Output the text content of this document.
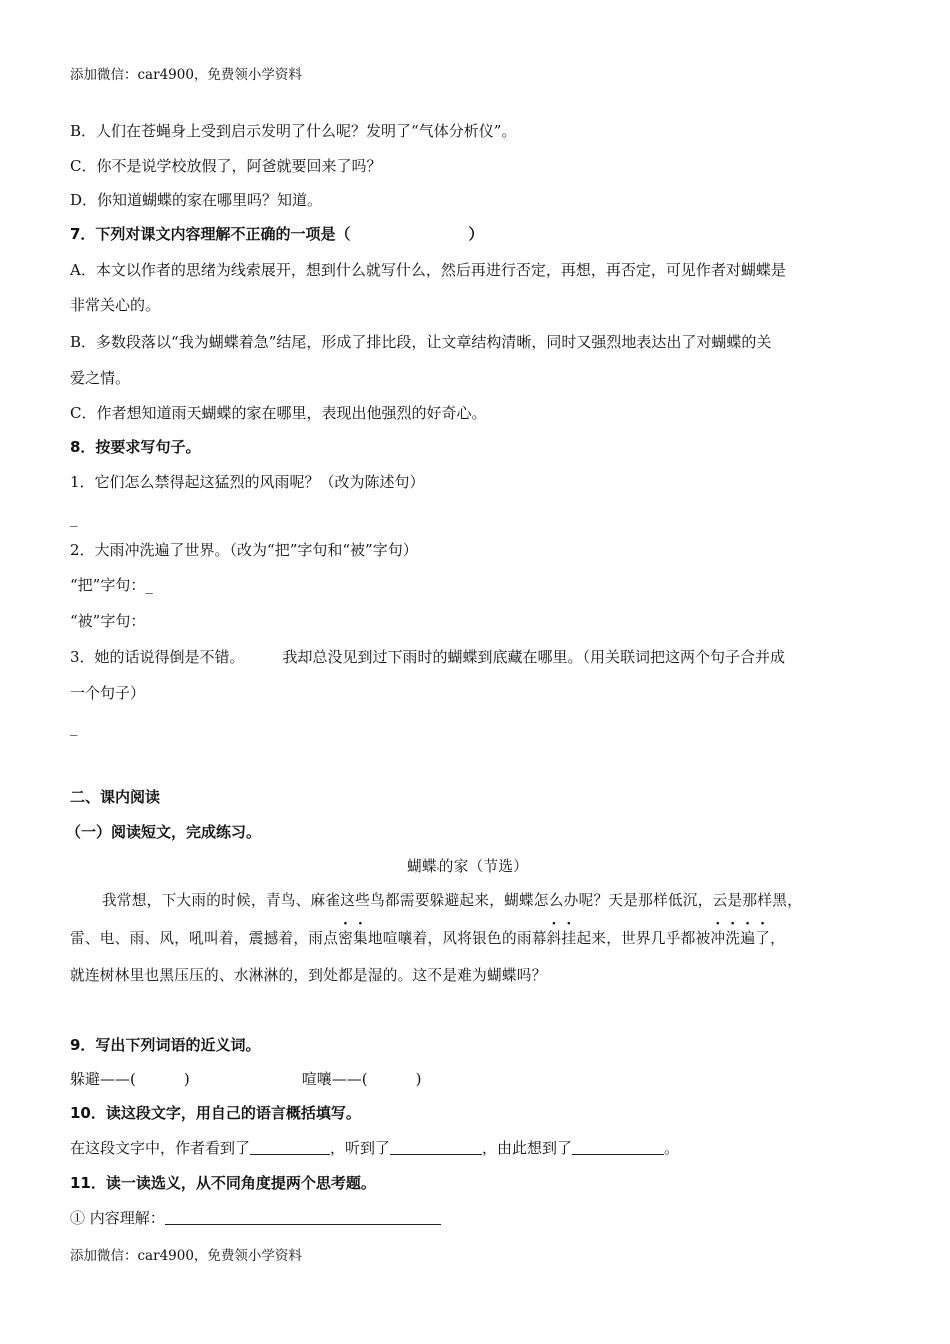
添加微信：car4900，免费领小学资料
B．人们在苍蝇身上受到启示发明了什么呢？发明了“气体分析仪”。
C．你不是说学校放假了，阿爸就要回来了吗？
D．你知道蝴蝶的家在哪里吗？知道。
7．下列对课文内容理解不正确的一项是（	）
A．本文以作者的思绪为线索展开，想到什么就写什么，然后再进行否定，再想，再否定，可见作者对蝴蝶是
非常关心的。
B．多数段落以“我为蝴蝶着急”结尾，形成了排比段，让文章结构清晰，同时又强烈地表达出了对蝴蝶的关
爱之情。
C．作者想知道雨天蝴蝶的家在哪里，表现出他强烈的好奇心。
8．按要求写句子。
1．它们怎么禁得起这猛烈的风雨呢？（改为陈述句）
_
2．大雨冲洗遍了世界。（改为“把”字句和“被”字句）
“把”字句：_
“被”字句：
3．她的话说得倒是不错。	我却总没见到过下雨时的蝴蝶到底藏在哪里。（用关联词把这两个句子合并成
一个句子）
_
二、课内阅读
（一）阅读短文，完成练习。
蝴蝶 的家（节选）
我常想，下大雨的时候，青鸟、麻雀这些鸟都需要躲避起来，蝴蝶怎么办呢？天是那样低沉，云是那样黑，
雷、电、雨、风，吼叫着，震撼着，雨点密集地喧嚷着，风将银色的雨幕斜挂起来，世界几乎都被冲洗遍了，
就连树林里也黑压压的、水淋淋的，到处都是湿的。这不是难为蝴蝶吗？
9．写出下列词语的近义词。
躲避——(	)	喧嚷——(	)
10．读这段文字，用自己的语言概括填写。
在这段文字中，作者看到了	，听到了	，由此想到了	。
11．读一读选义，从不同角度提两个思考题。
① 内容理解：
添加微信：car4900，免费领小学资料
